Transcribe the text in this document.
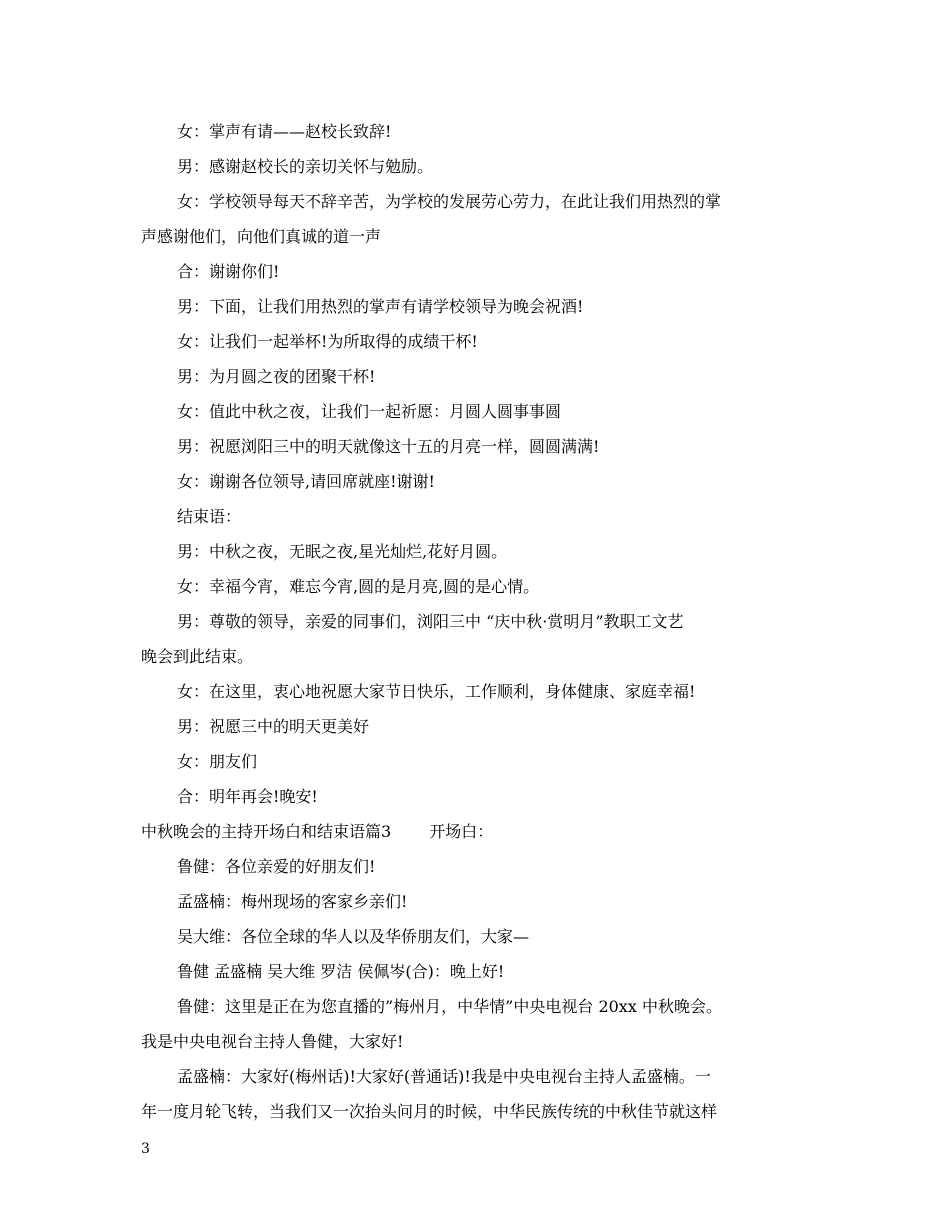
女：掌声有请——赵校长致辞!
男：感谢赵校长的亲切关怀与勉励。
女：学校领导每天不辞辛苦，为学校的发展劳心劳力，在此让我们用热烈的掌
声感谢他们，向他们真诚的道一声
合：谢谢你们!
男：下面，让我们用热烈的掌声有请学校领导为晚会祝酒!
女：让我们一起举杯!为所取得的成绩干杯!
男：为月圆之夜的团聚干杯!
女：值此中秋之夜，让我们一起祈愿：月圆人圆事事圆
男：祝愿浏阳三中的明天就像这十五的月亮一样，圆圆满满!
女：谢谢各位领导,请回席就座!谢谢!
结束语：
男：中秋之夜，无眠之夜,星光灿烂,花好月圆。
女：幸福今宵，难忘今宵,圆的是月亮,圆的是心情。
男：尊敬的领导，亲爱的同事们，浏阳三中 “庆中秋·赏明月”教职工文艺
晚会到此结束。
女：在这里，衷心地祝愿大家节日快乐，工作顺利，身体健康、家庭幸福!
男：祝愿三中的明天更美好
女：朋友们
合：明年再会!晚安!
中秋晚会的主持开场白和结束语篇3 开场白：
鲁健：各位亲爱的好朋友们!
孟盛楠：梅州现场的客家乡亲们!
吴大维：各位全球的华人以及华侨朋友们，大家—
鲁健 孟盛楠 吴大维 罗洁 侯佩岑(合)：晚上好!
鲁健：这里是正在为您直播的”梅州月，中华情”中央电视台 20xx 中秋晚会。
我是中央电视台主持人鲁健，大家好!
孟盛楠：大家好(梅州话)!大家好(普通话)!我是中央电视台主持人孟盛楠。一
年一度月轮飞转，当我们又一次抬头问月的时候，中华民族传统的中秋佳节就这样
3
